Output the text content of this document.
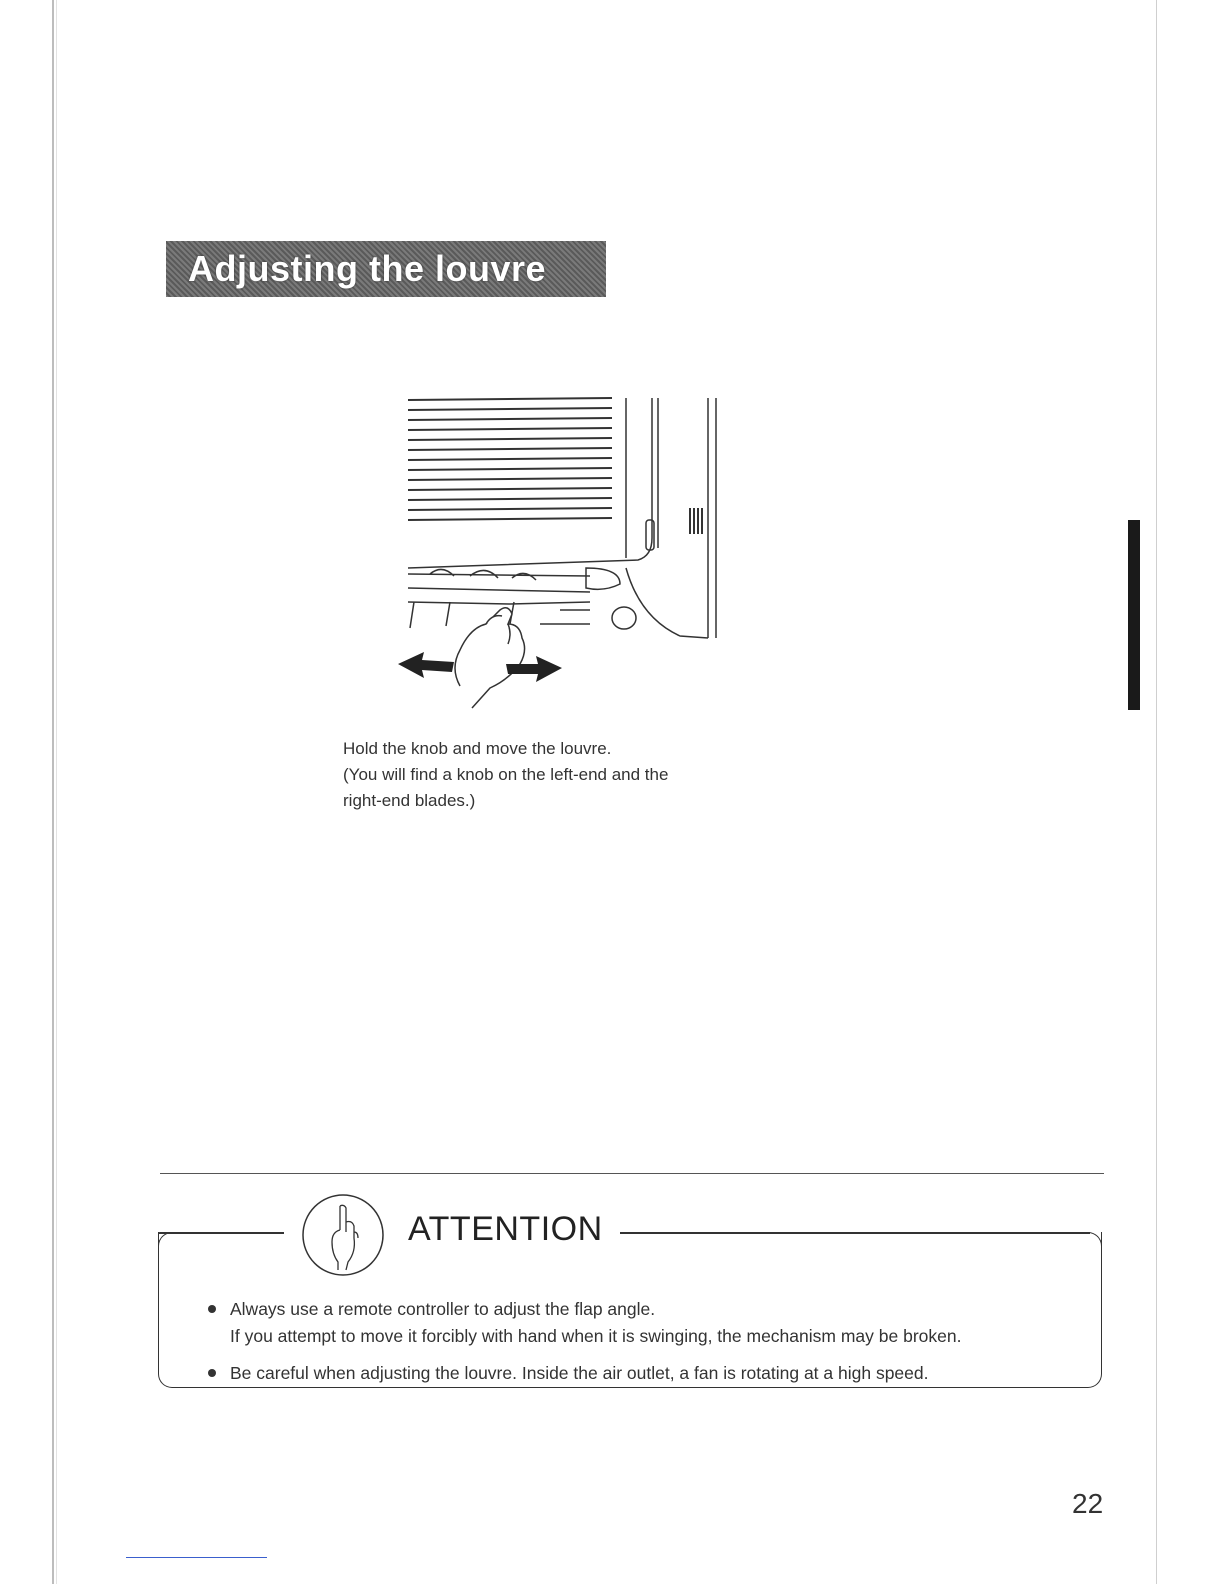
Adjusting the louvre
Hold the knob and move the louvre.
(You will find a knob on the left-end and the
right-end blades.)
ATTENTION
Always use a remote controller to adjust the flap angle.
If you attempt to move it forcibly with hand when it is swinging, the mechanism may be broken.
Be careful when adjusting the louvre. Inside the air outlet, a fan is rotating at a high speed.
22
